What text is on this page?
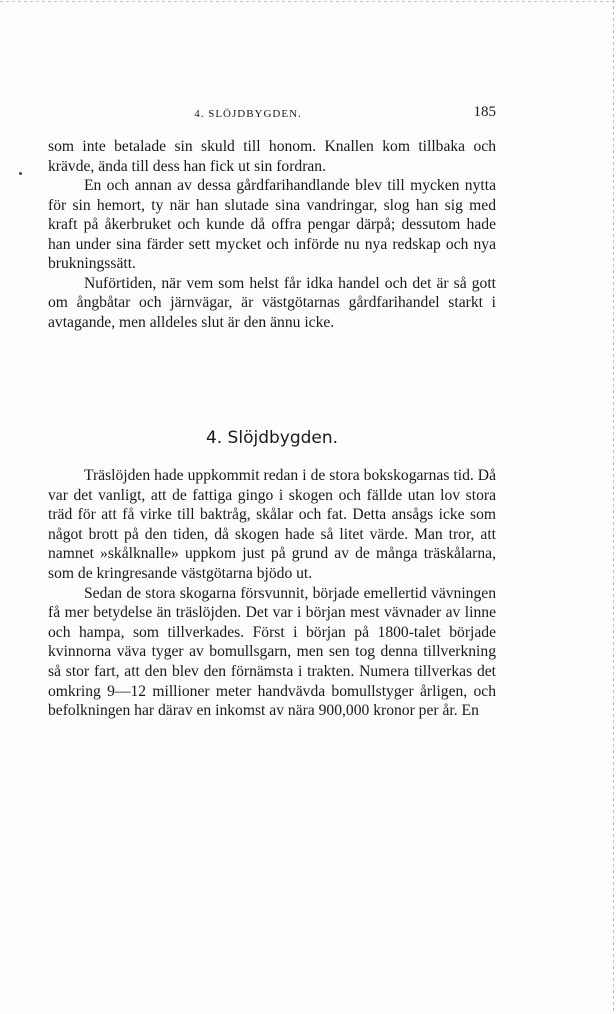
4. SLÖJDBYGDEN.	185

som inte betalade sin skuld till honom. Knallen kom tillbaka och krävde, ända till dess han fick ut sin fordran.

En och annan av dessa gårdfarihandlande blev till mycken nytta för sin hemort, ty när han slutade sina vandringar, slog han sig med kraft på åkerbruket och kunde då offra pengar därpå; dessutom hade han under sina färder sett mycket och införde nu nya redskap och nya brukningssätt.

Nuförtiden, när vem som helst får idka handel och det är så gott om ångbåtar och järnvägar, är västgötarnas gårdfarihandel starkt i avtagande, men alldeles slut är den ännu icke.

4. Slöjdbygden.

Träslöjden hade uppkommit redan i de stora bokskogarnas tid. Då var det vanligt, att de fattiga gingo i skogen och fällde utan lov stora träd för att få virke till baktråg, skålar och fat. Detta ansågs icke som något brott på den tiden, då skogen hade så litet värde. Man tror, att namnet »skålknalle» uppkom just på grund av de många träskålarna, som de kringresande västgötarna bjödo ut.

Sedan de stora skogarna försvunnit, började emellertid vävningen få mer betydelse än träslöjden. Det var i början mest vävnader av linne och hampa, som tillverkades. Först i början på 1800-talet började kvinnorna väva tyger av bomullsgarn, men sen tog denna tillverkning så stor fart, att den blev den förnämsta i trakten. Numera tillverkas det omkring 9—12 millioner meter handvävda bomullstyger årligen, och befolkningen har därav en inkomst av nära 900,000 kronor per år. En
